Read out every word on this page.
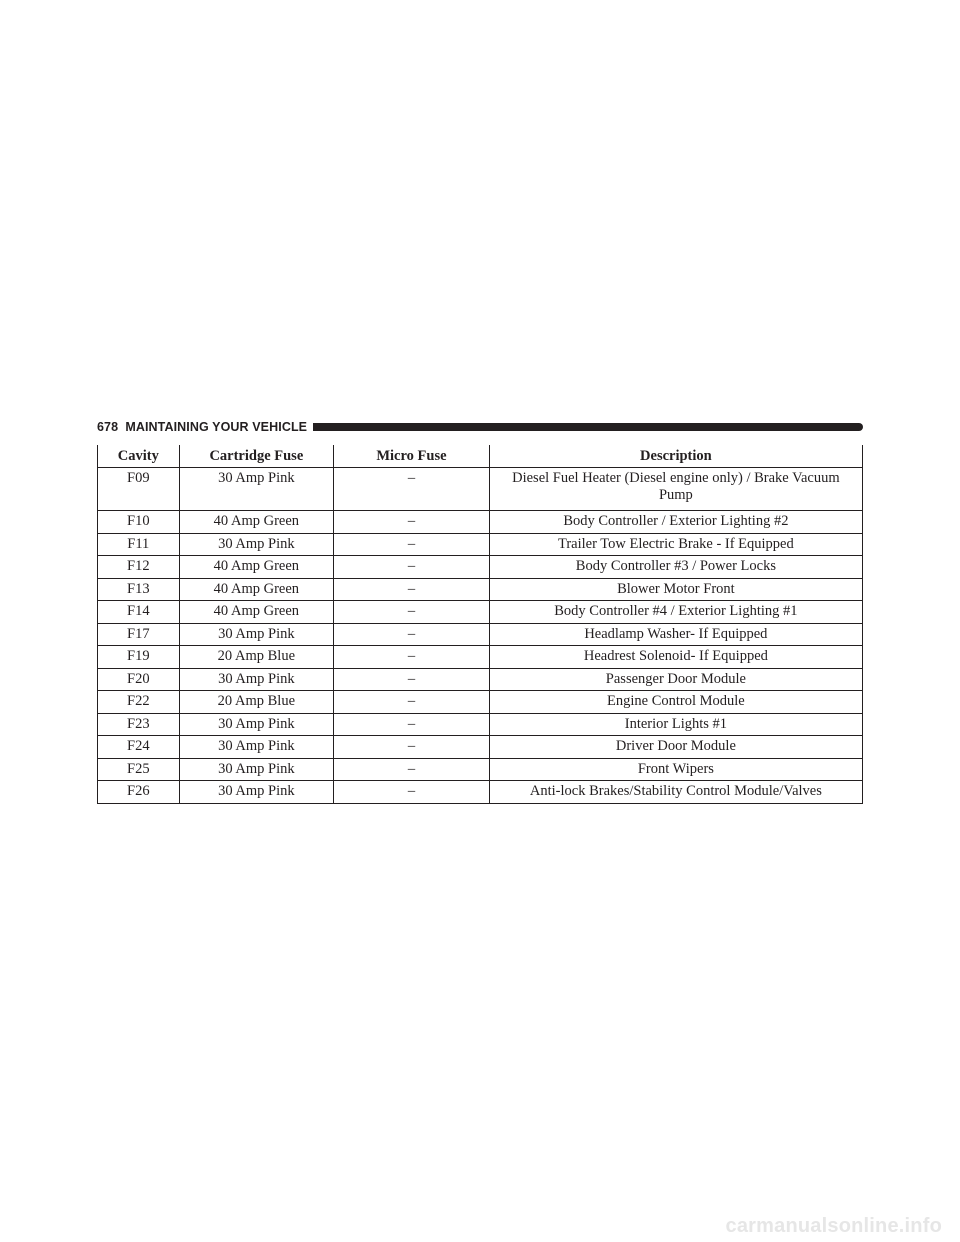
678 MAINTAINING YOUR VEHICLE
Cavity	Cartridge Fuse	Micro Fuse	Description
F09	30 Amp Pink	–	Diesel Fuel Heater (Diesel engine only) / Brake Vacuum Pump
F10	40 Amp Green	–	Body Controller / Exterior Lighting #2
F11	30 Amp Pink	–	Trailer Tow Electric Brake - If Equipped
F12	40 Amp Green	–	Body Controller #3 / Power Locks
F13	40 Amp Green	–	Blower Motor Front
F14	40 Amp Green	–	Body Controller #4 / Exterior Lighting #1
F17	30 Amp Pink	–	Headlamp Washer- If Equipped
F19	20 Amp Blue	–	Headrest Solenoid- If Equipped
F20	30 Amp Pink	–	Passenger Door Module
F22	20 Amp Blue	–	Engine Control Module
F23	30 Amp Pink	–	Interior Lights #1
F24	30 Amp Pink	–	Driver Door Module
F25	30 Amp Pink	–	Front Wipers
F26	30 Amp Pink	–	Anti-lock Brakes/Stability Control Module/Valves
carmanualsonline.info
